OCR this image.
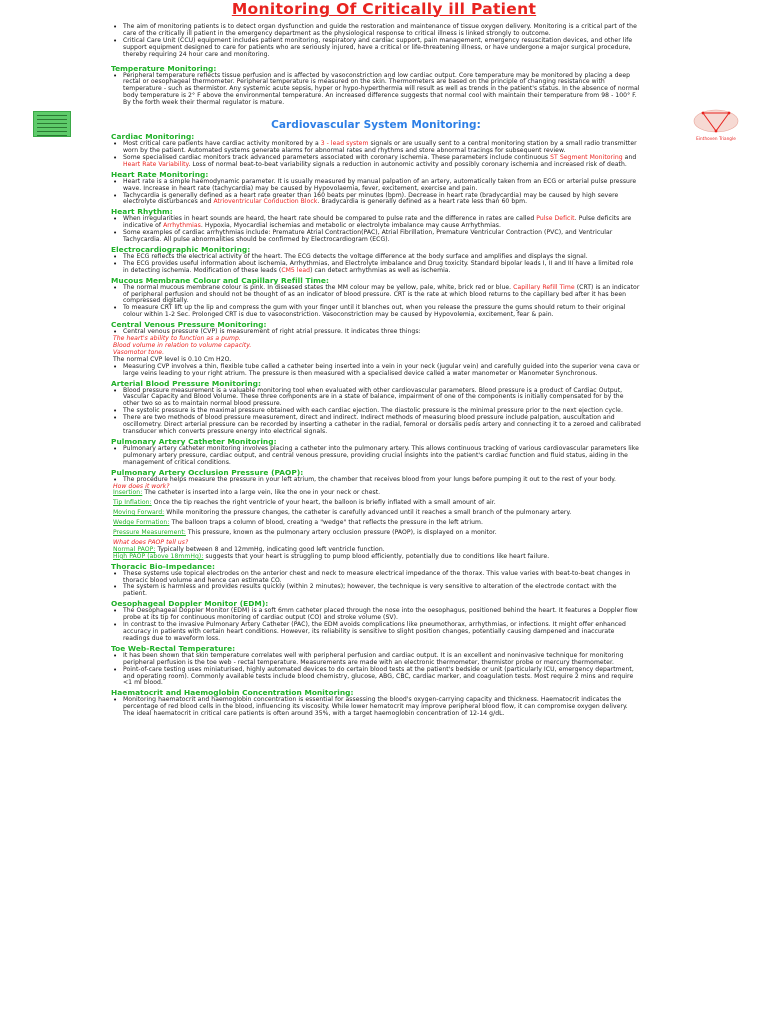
Monitoring Of Critically ill Patient
Einthoven Triangle
• The aim of monitoring patients is to detect organ dysfunction and guide the restoration and maintenance of tissue oxygen delivery. Monitoring is a critical part of the care of the critically ill patient in the emergency department as the physiological response to critical illness is linked strongly to outcome.
• Critical Care Unit (CCU) equipment includes patient monitoring, respiratory and cardiac support, pain management, emergency resuscitation devices, and other life support equipment designed to care for patients who are seriously injured, have a critical or life-threatening illness, or have undergone a major surgical procedure, thereby requiring 24 hour care and monitoring.
Temperature Monitoring:
• Peripheral temperature reflects tissue perfusion and is affected by vasoconstriction and low cardiac output. Core temperature may be monitored by placing a deep rectal or oesophageal thermometer. Peripheral temperature is measured on the skin. Thermometers are based on the principle of changing resistance with temperature - such as thermistor. Any systemic acute sepsis, hyper or hypo-hyperthermia will result as well as trends in the patient's status. In the absence of normal body temperature is 2° F above the environmental temperature. An increased difference suggests that normal cool with maintain their temperature from 98 - 100° F. By the forth week their thermal regulator is mature.
Cardiovascular System Monitoring:
Cardiac Monitoring:
• Most critical care patients have cardiac activity monitored by a 3 - lead system signals or are usually sent to a central monitoring station by a small radio transmitter worn by the patient. Automated systems generate alarms for abnormal rates and rhythms and store abnormal tracings for subsequent review.
• Some specialised cardiac monitors track advanced parameters associated with coronary ischemia. These parameters include continuous ST Segment Monitoring and Heart Rate Variability. Loss of normal beat-to-beat variability signals a reduction in autonomic activity and possibly coronary ischemia and increased risk of death.
Heart Rate Monitoring:
• Heart rate is a simple haemodynamic parameter. It is usually measured by manual palpation of an artery, automatically taken from an ECG or arterial pulse pressure wave. Increase in heart rate (tachycardia) may be caused by Hypovolaemia, fever, excitement, exercise and pain.
• Tachycardia is generally defined as a heart rate greater than 160 beats per minutes (bpm). Decrease in heart rate (bradycardia) may be caused by high severe electrolyte disturbances and Atrioventricular Conduction Block. Bradycardia is generally defined as a heart rate less than 60 bpm.
Heart Rhythm:
• When irregularities in heart sounds are heard, the heart rate should be compared to pulse rate and the difference in rates are called Pulse Deficit. Pulse deficits are indicative of Arrhythmias. Hypoxia, Myocardial ischemias and metabolic or electrolyte imbalance may cause Arrhythmias.
• Some examples of cardiac arrhythmias include: Premature Atrial Contraction(PAC), Atrial Fibrillation, Premature Ventricular Contraction (PVC), and Ventricular Tachycardia. All pulse abnormalities should be confirmed by Electrocardiogram (ECG).
Electrocardiographic Monitoring:
• The ECG reflects the electrical activity of the heart. The ECG detects the voltage difference at the body surface and amplifies and displays the signal.
• The ECG provides useful information about ischemia, Arrhythmias, and Electrolyte imbalance and Drug toxicity. Standard bipolar leads I, II and III have a limited role in detecting ischemia. Modification of these leads (CM5 lead) can detect arrhythmias as well as ischemia.
Mucous Membrane Colour and Capillary Refill Time:
• The normal mucous membrane colour is pink. In diseased states the MM colour may be yellow, pale, white, brick red or blue. Capillary Refill Time (CRT) is an indicator of peripheral perfusion and should not be thought of as an indicator of blood pressure. CRT is the rate at which blood returns to the capillary bed after it has been compressed digitally.
• To measure CRT lift up the lip and compress the gum with your finger until it blanches out, when you release the pressure the gums should return to their original colour within 1-2 Sec. Prolonged CRT is due to vasoconstriction. Vasoconstriction may be caused by Hypovolemia, excitement, fear & pain.
Central Venous Pressure Monitoring:
• Central venous pressure (CVP) is measurement of right atrial pressure. It indicates three things:
The heart's ability to function as a pump.
Blood volume in relation to volume capacity.
Vasomotor tone.
The normal CVP level is 0.10 Cm H2O.
• Measuring CVP involves a thin, flexible tube called a catheter being inserted into a vein in your neck (jugular vein) and carefully guided into the superior vena cava or large veins leading to your right atrium. The pressure is then measured with a specialised device called a water manometer or Manometer Synchronous.
Arterial Blood Pressure Monitoring:
• Blood pressure measurement is a valuable monitoring tool when evaluated with other cardiovascular parameters. Blood pressure is a product of Cardiac Output, Vascular Capacity and Blood Volume. These three components are in a state of balance, impairment of one of the components is initially compensated for by the other two so as to maintain normal blood pressure.
• The systolic pressure is the maximal pressure obtained with each cardiac ejection. The diastolic pressure is the minimal pressure prior to the next ejection cycle.
• There are two methods of blood pressure measurement, direct and indirect. Indirect methods of measuring blood pressure include palpation, auscultation and oscillometry. Direct arterial pressure can be recorded by inserting a catheter in the radial, femoral or dorsalis pedis artery and connecting it to a zeroed and calibrated transducer which converts pressure energy into electrical signals.
Pulmonary Artery Catheter Monitoring:
• Pulmonary artery catheter monitoring involves placing a catheter into the pulmonary artery. This allows continuous tracking of various cardiovascular parameters like pulmonary artery pressure, cardiac output, and central venous pressure, providing crucial insights into the patient's cardiac function and fluid status, aiding in the management of critical conditions.
Pulmonary Artery Occlusion Pressure (PAOP):
• The procedure helps measure the pressure in your left atrium, the chamber that receives blood from your lungs before pumping it out to the rest of your body.
How does it work?
Insertion: The catheter is inserted into a large vein, like the one in your neck or chest.
Tip Inflation: Once the tip reaches the right ventricle of your heart, the balloon is briefly inflated with a small amount of air.
Moving Forward: While monitoring the pressure changes, the catheter is carefully advanced until it reaches a small branch of the pulmonary artery.
Wedge Formation: The balloon traps a column of blood, creating a "wedge" that reflects the pressure in the left atrium.
Pressure Measurement: This pressure, known as the pulmonary artery occlusion pressure (PAOP), is displayed on a monitor.
What does PAOP tell us?
Normal PAOP: Typically between 8 and 12mmHg, indicating good left ventricle function.
High PAOP (above 18mmHg): suggests that your heart is struggling to pump blood efficiently, potentially due to conditions like heart failure.
Thoracic Bio-Impedance:
• These systems use topical electrodes on the anterior chest and neck to measure electrical impedance of the thorax. This value varies with beat-to-beat changes in thoracic blood volume and hence can estimate CO.
• The system is harmless and provides results quickly (within 2 minutes); however, the technique is very sensitive to alteration of the electrode contact with the patient.
Oesophageal Doppler Monitor (EDM):
• The Oesophageal Doppler Monitor (EDM) is a soft 6mm catheter placed through the nose into the oesophagus, positioned behind the heart. It features a Doppler flow probe at its tip for continuous monitoring of cardiac output (CO) and stroke volume (SV).
• In contrast to the invasive Pulmonary Artery Catheter (PAC), the EDM avoids complications like pneumothorax, arrhythmias, or infections. It might offer enhanced accuracy in patients with certain heart conditions. However, its reliability is sensitive to slight position changes, potentially causing dampened and inaccurate readings due to waveform loss.
Toe Web-Rectal Temperature:
• It has been shown that skin temperature correlates well with peripheral perfusion and cardiac output. It is an excellent and noninvasive technique for monitoring peripheral perfusion is the toe web - rectal temperature. Measurements are made with an electronic thermometer, thermistor probe or mercury thermometer.
• Point-of-care testing uses miniaturised, highly automated devices to do certain blood tests at the patient's bedside or unit (particularly ICU, emergency department, and operating room). Commonly available tests include blood chemistry, glucose, ABG, CBC, cardiac marker, and coagulation tests. Most require 2 mins and require <1 ml blood.
Haematocrit and Haemoglobin Concentration Monitoring:
• Monitoring haematocrit and haemoglobin concentration is essential for assessing the blood's oxygen-carrying capacity and thickness. Haematocrit indicates the percentage of red blood cells in the blood, influencing its viscosity. While lower hematocrit may improve peripheral blood flow, it can compromise oxygen delivery. The ideal haematocrit in critical care patients is often around 35%, with a target haemoglobin concentration of 12-14 g/dL.
